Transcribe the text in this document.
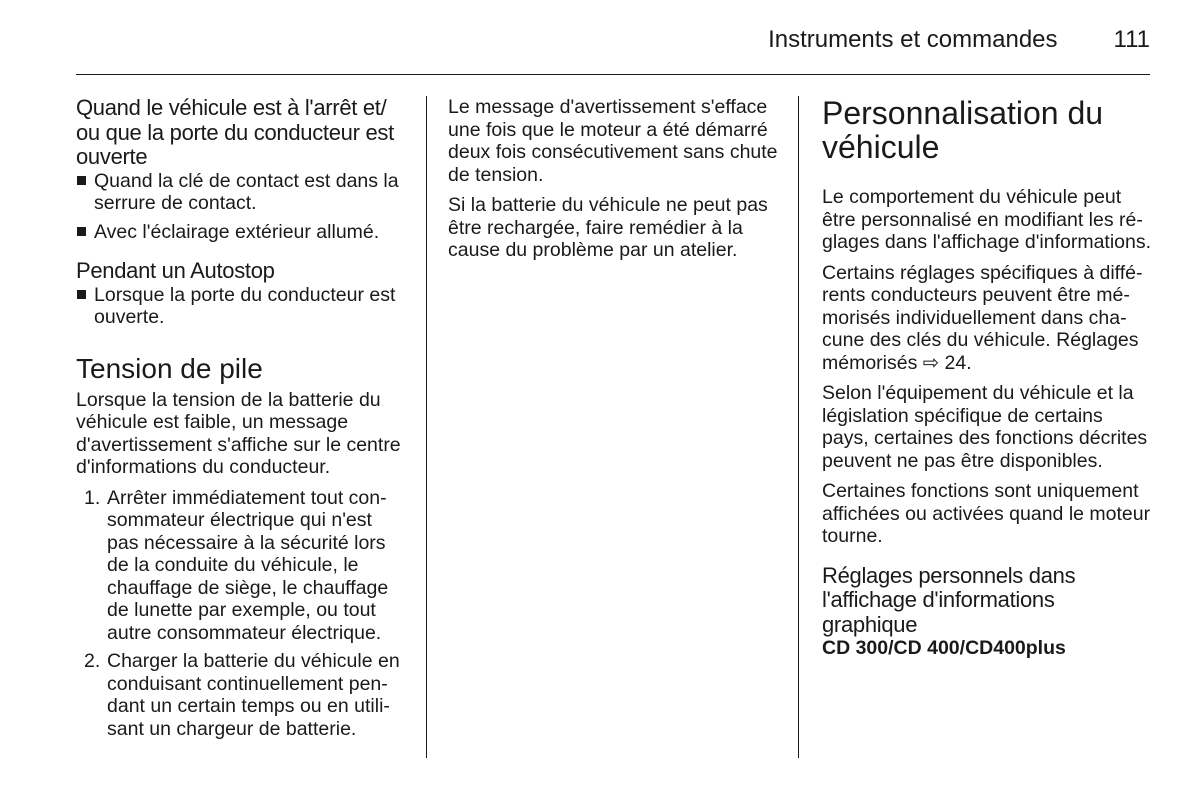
Instruments et commandes 111
Quand le véhicule est à l'arrêt et/ ou que la porte du conducteur est ouverte
Quand la clé de contact est dans la serrure de contact.
Avec l'éclairage extérieur allumé.
Pendant un Autostop
Lorsque la porte du conducteur est ouverte.
Tension de pile

Lorsque la tension de la batterie du véhicule est faible, un message d'avertissement s'affiche sur le centre d'informations du conducteur.

1. Arrêter immédiatement tout consommateur électrique qui n'est pas nécessaire à la sécurité lors de la conduite du véhicule, le chauffage de siège, le chauffage de lunette par exemple, ou tout autre consommateur électrique.
2. Charger la batterie du véhicule en conduisant continuellement pendant un certain temps ou en utilisant un chargeur de batterie.

Le message d'avertissement s'efface une fois que le moteur a été démarré deux fois consécutivement sans chute de tension.

Si la batterie du véhicule ne peut pas être rechargée, faire remédier à la cause du problème par un atelier.

Personnalisation du véhicule

Le comportement du véhicule peut être personnalisé en modifiant les réglages dans l'affichage d'informations.

Certains réglages spécifiques à différents conducteurs peuvent être mémorisés individuellement dans chacune des clés du véhicule. Réglages mémorisés ⇨ 24.

Selon l'équipement du véhicule et la législation spécifique de certains pays, certaines des fonctions décrites peuvent ne pas être disponibles.

Certaines fonctions sont uniquement affichées ou activées quand le moteur tourne.

Réglages personnels dans l'affichage d'informations graphique
CD 300/CD 400/CD400plus
